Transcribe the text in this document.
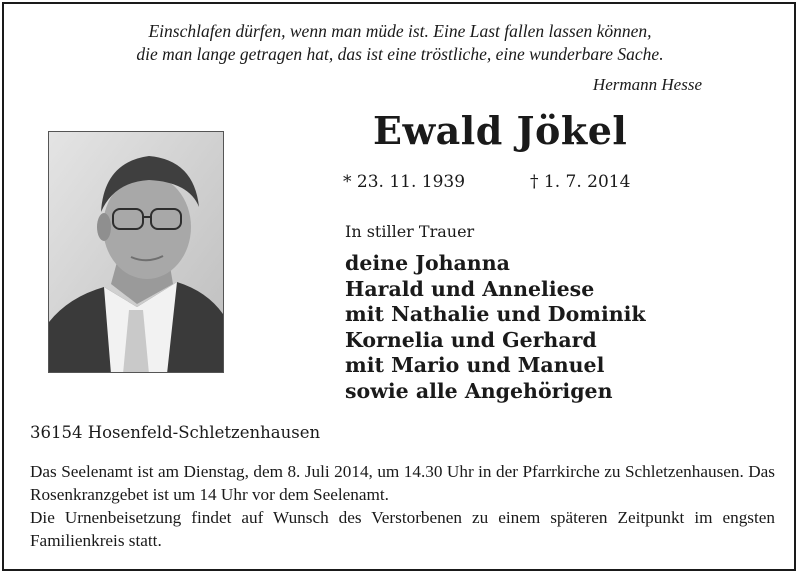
Einschlafen dürfen, wenn man müde ist. Eine Last fallen lassen können,
die man lange getragen hat, das ist eine tröstliche, eine wunderbare Sache.
Hermann Hesse
Ewald Jökel
* 23. 11. 1939	† 1. 7. 2014
In stiller Trauer
deine Johanna
Harald und Anneliese
mit Nathalie und Dominik
Kornelia und Gerhard
mit Mario und Manuel
sowie alle Angehörigen
36154 Hosenfeld-Schletzenhausen

Das Seelenamt ist am Dienstag, dem 8. Juli 2014, um 14.30 Uhr in der Pfarrkirche zu Schletzenhausen. Das Rosenkranzgebet ist um 14 Uhr vor dem Seelenamt.

Die Urnenbeisetzung findet auf Wunsch des Verstorbenen zu einem späteren Zeitpunkt im engsten Familienkreis statt.
